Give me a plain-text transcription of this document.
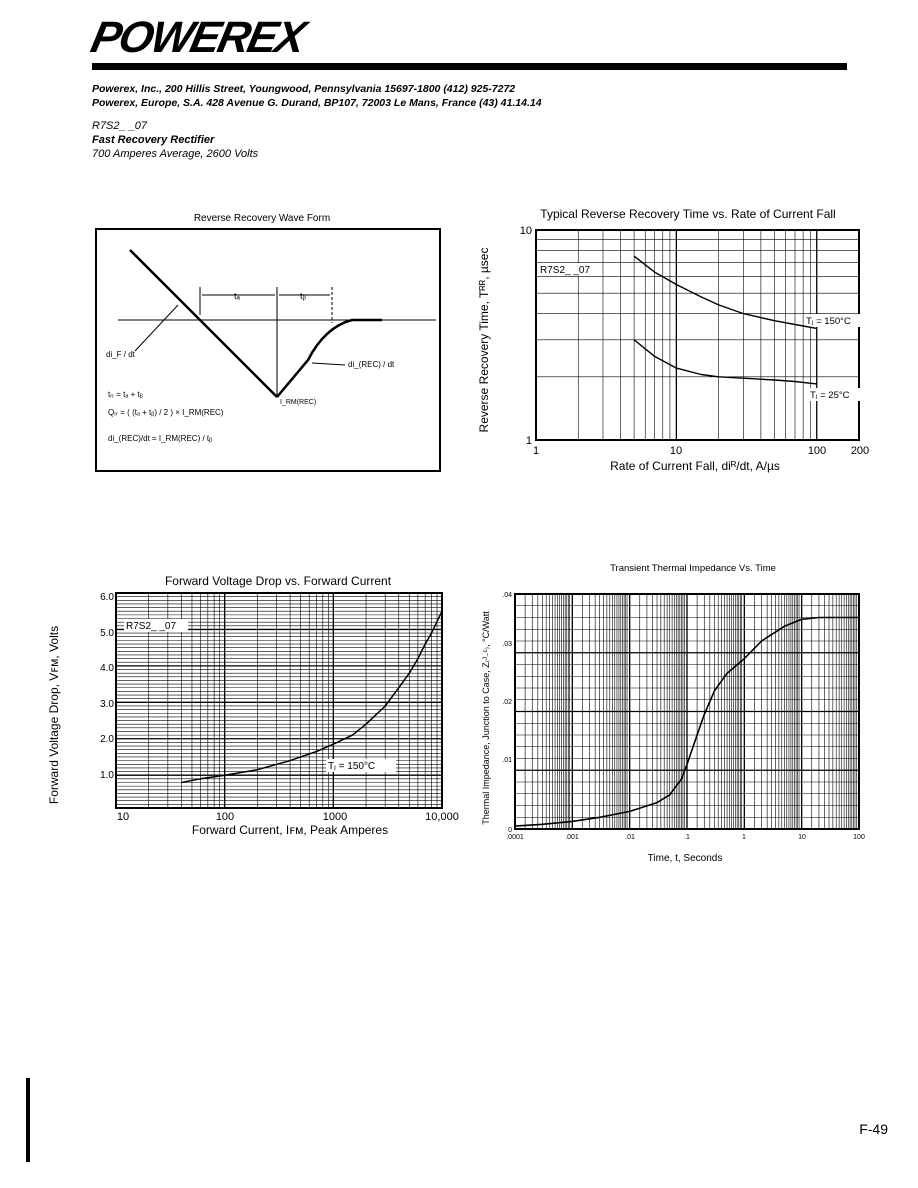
POWEREX
Powerex, Inc., 200 Hillis Street, Youngwood, Pennsylvania 15697-1800 (412) 925-7272
Powerex, Europe, S.A. 428 Avenue G. Durand, BP107, 72003 Le Mans, France (43) 41.14.14
R7S2_ _07
Fast Recovery Rectifier
700 Amperes Average, 2600 Volts
Reverse Recovery Wave Form
tₐ	tᵦ
di_F / dt
di_(REC) / dt
I_RM(REC)
tᵣᵣ = tₐ + tᵦ
Qᵣᵣ = ( (tₐ + tᵦ) / 2 ) × I_RM(REC)
di_(REC)/dt = I_RM(REC) / tᵦ
Typical Reverse Recovery Time vs. Rate of Current Fall
Reverse Recovery Time, Tᴿᴿ, µsec
1	10	100 200
10
1
Rate of Current Fall, diᴿ/dt, A/µs
R7S2_ _07
Tⱼ = 150°C
Tⱼ = 25°C
Forward Voltage Drop vs. Forward Current
Forward Voltage Drop, Vꜰᴍ, Volts
10	100	1000	10,000
6.0
5.0
4.0
3.0
2.0
1.0
Forward Current, Iꜰᴍ, Peak Amperes
R7S2_ _07
Tⱼ = 150°C
Transient Thermal Impedance Vs. Time
Thermal Impedance, Junction to Case, Z₍ᴶ₋ᶜ₎, °C/Watt
.0001	.001	.01	.1	1	10	100
.04
.03
.02
.01
0
Time, t, Seconds
F-49
